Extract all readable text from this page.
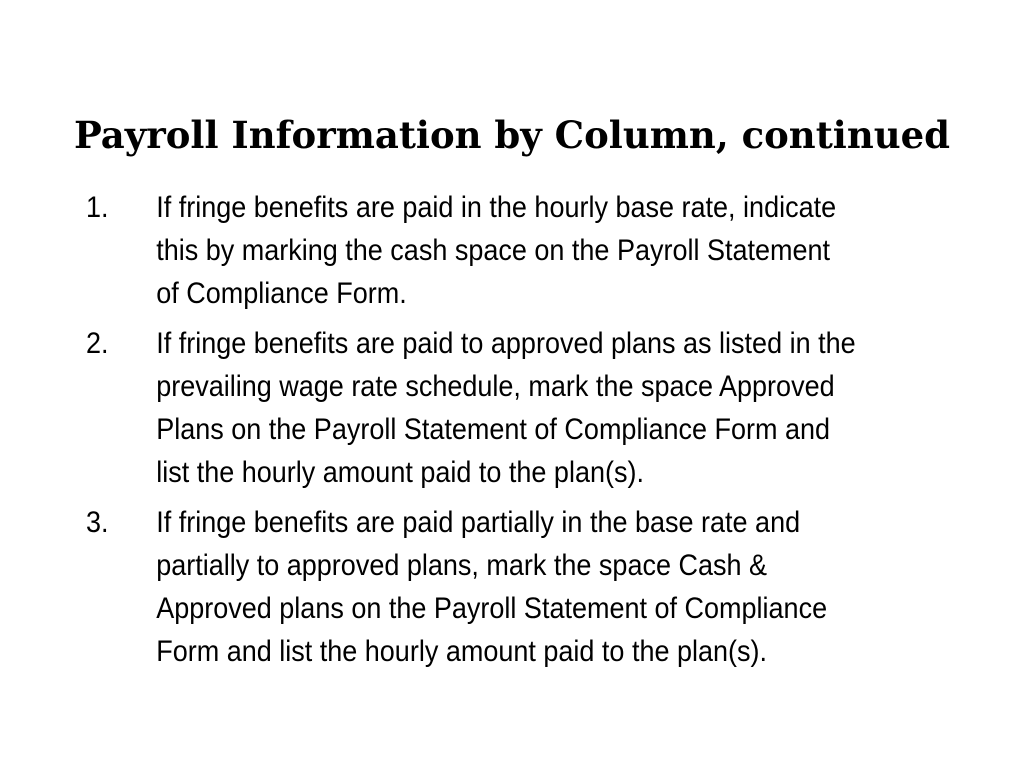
Payroll Information by Column, continued
1. If fringe benefits are paid in the hourly base rate, indicate this by marking the cash space on the Payroll Statement of Compliance Form.
2. If fringe benefits are paid to approved plans as listed in the prevailing wage rate schedule, mark the space Approved Plans on the Payroll Statement of Compliance Form and list the hourly amount paid to the plan(s).
3. If fringe benefits are paid partially in the base rate and partially to approved plans, mark the space Cash & Approved plans on the Payroll Statement of Compliance Form and list the hourly amount paid to the plan(s).
